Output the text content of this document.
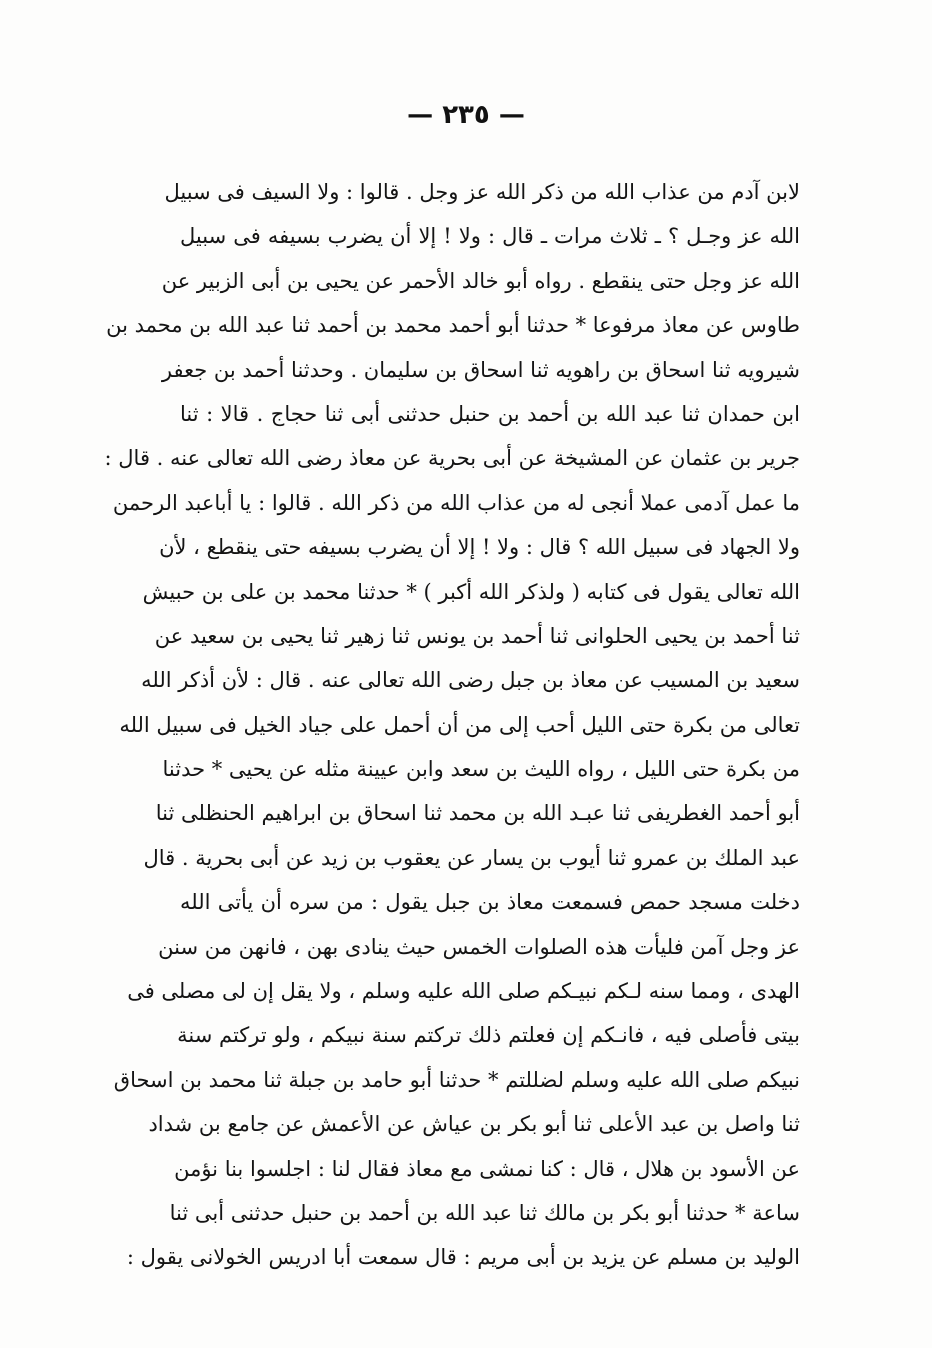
— ٢٣٥ —
لابن آدم من عذاب الله من ذكر الله عز وجل . قالوا : ولا السيف فى سبيل
الله عز وجـل ؟ ـ ثلاث مرات ـ قال : ولا ! إلا أن يضرب بسيفه فى سبيل
الله عز وجل حتى ينقطع . رواه أبو خالد الأحمر عن يحيى بن أبى الزبير عن
طاوس عن معاذ مرفوعا * حدثنا أبو أحمد محمد بن أحمد ثنا عبد الله بن محمد بن
شيرويه ثنا اسحاق بن راهويه ثنا اسحاق بن سليمان . وحدثنا أحمد بن جعفر
ابن حمدان ثنا عبد الله بن أحمد بن حنبل حدثنى أبى ثنا حجاج . قالا : ثنا
جرير بن عثمان عن المشيخة عن أبى بحرية عن معاذ رضى الله تعالى عنه . قال :
ما عمل آدمى عملا أنجى له من عذاب الله من ذكر الله . قالوا : يا أباعبد الرحمن
ولا الجهاد فى سبيل الله ؟ قال : ولا ! إلا أن يضرب بسيفه حتى ينقطع ، لأن
الله تعالى يقول فى كتابه ( ولذكر الله أكبر ) * حدثنا محمد بن على بن حبيش
ثنا أحمد بن يحيى الحلوانى ثنا أحمد بن يونس ثنا زهير ثنا يحيى بن سعيد عن
سعيد بن المسيب عن معاذ بن جبل رضى الله تعالى عنه . قال : لأن أذكر الله
تعالى من بكرة حتى الليل أحب إلى من أن أحمل على جياد الخيل فى سبيل الله
من بكرة حتى الليل ، رواه الليث بن سعد وابن عيينة مثله عن يحيى * حدثنا
أبو أحمد الغطريفى ثنا عبـد الله بن محمد ثنا اسحاق بن ابراهيم الحنظلى ثنا
عبد الملك بن عمرو ثنا أيوب بن يسار عن يعقوب بن زيد عن أبى بحرية . قال
دخلت مسجد حمص فسمعت معاذ بن جبل يقول : من سره أن يأتى الله
عز وجل آمن فليأت هذه الصلوات الخمس حيث ينادى بهن ، فانهن من سنن
الهدى ، ومما سنه لـكم نبيـكم صلى الله عليه وسلم ، ولا يقل إن لى مصلى فى
بيتى فأصلى فيه ، فانـكم إن فعلتم ذلك تركتم سنة نبيكم ، ولو تركتم سنة
نبيكم صلى الله عليه وسلم لضللتم * حدثنا أبو حامد بن جبلة ثنا محمد بن اسحاق
ثنا واصل بن عبد الأعلى ثنا أبو بكر بن عياش عن الأعمش عن جامع بن شداد
عن الأسود بن هلال ، قال : كنا نمشى مع معاذ فقال لنا : اجلسوا بنا نؤمن
ساعة * حدثنا أبو بكر بن مالك ثنا عبد الله بن أحمد بن حنبل حدثنى أبى ثنا
الوليد بن مسلم عن يزيد بن أبى مريم : قال سمعت أبا ادريس الخولانى يقول :
